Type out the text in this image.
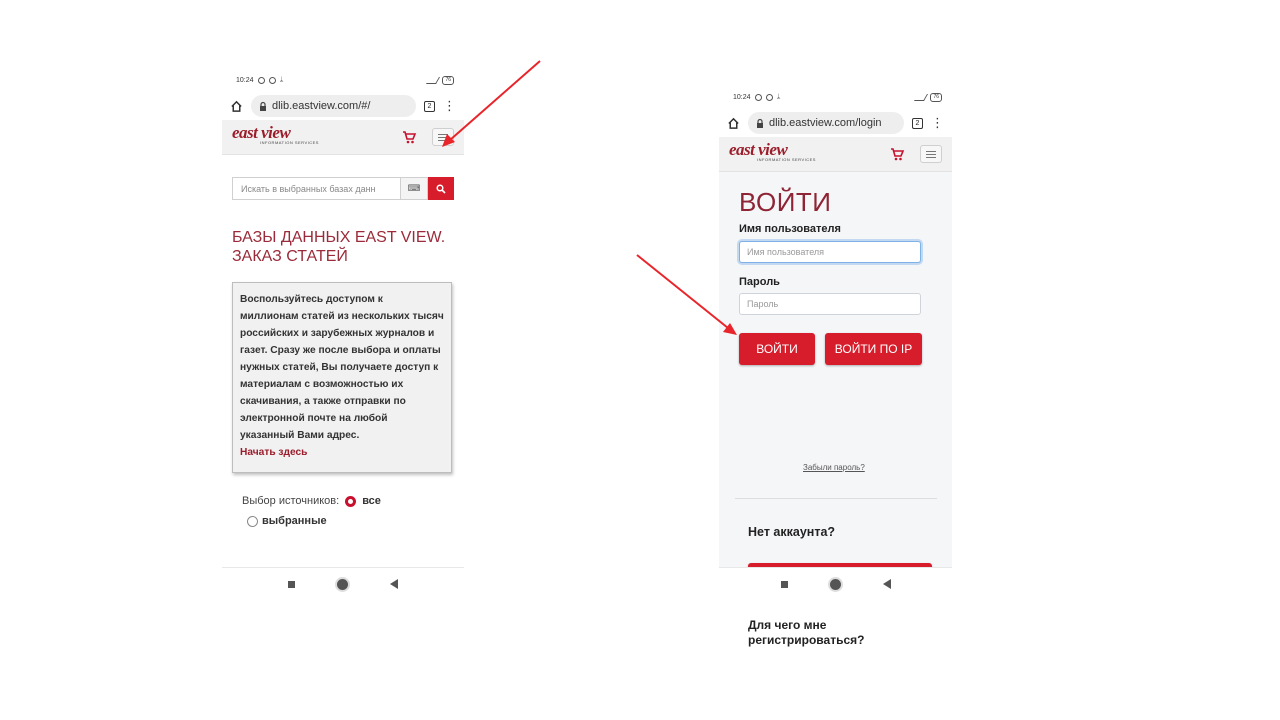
10:24	ᛦ	76
dlib.eastview.com/#/	2 ⋮
east view
INFORMATION SERVICES
Искать в выбранных базах данн	⌨
БАЗЫ ДАННЫХ EAST VIEW. ЗАКАЗ СТАТЕЙ
Воспользуйтесь доступом к миллионам статей из нескольких тысяч российских и зарубежных журналов и газет. Сразу же после выбора и оплаты нужных статей, Вы получаете доступ к материалам с возможностью их скачивания, а также отправки по электронной почте на любой указанный Вами адрес.
Начать здесь
Выбор источников: все
выбранные
10:24	ᛦ	76
dlib.eastview.com/login	2 ⋮
east view
INFORMATION SERVICES
ВОЙТИ
Имя пользователя
Имя пользователя
Пароль
Пароль
ВОЙТИ	ВОЙТИ ПО IP
Забыли пароль?
Нет аккаунта?
Для чего мне регистрироваться?
